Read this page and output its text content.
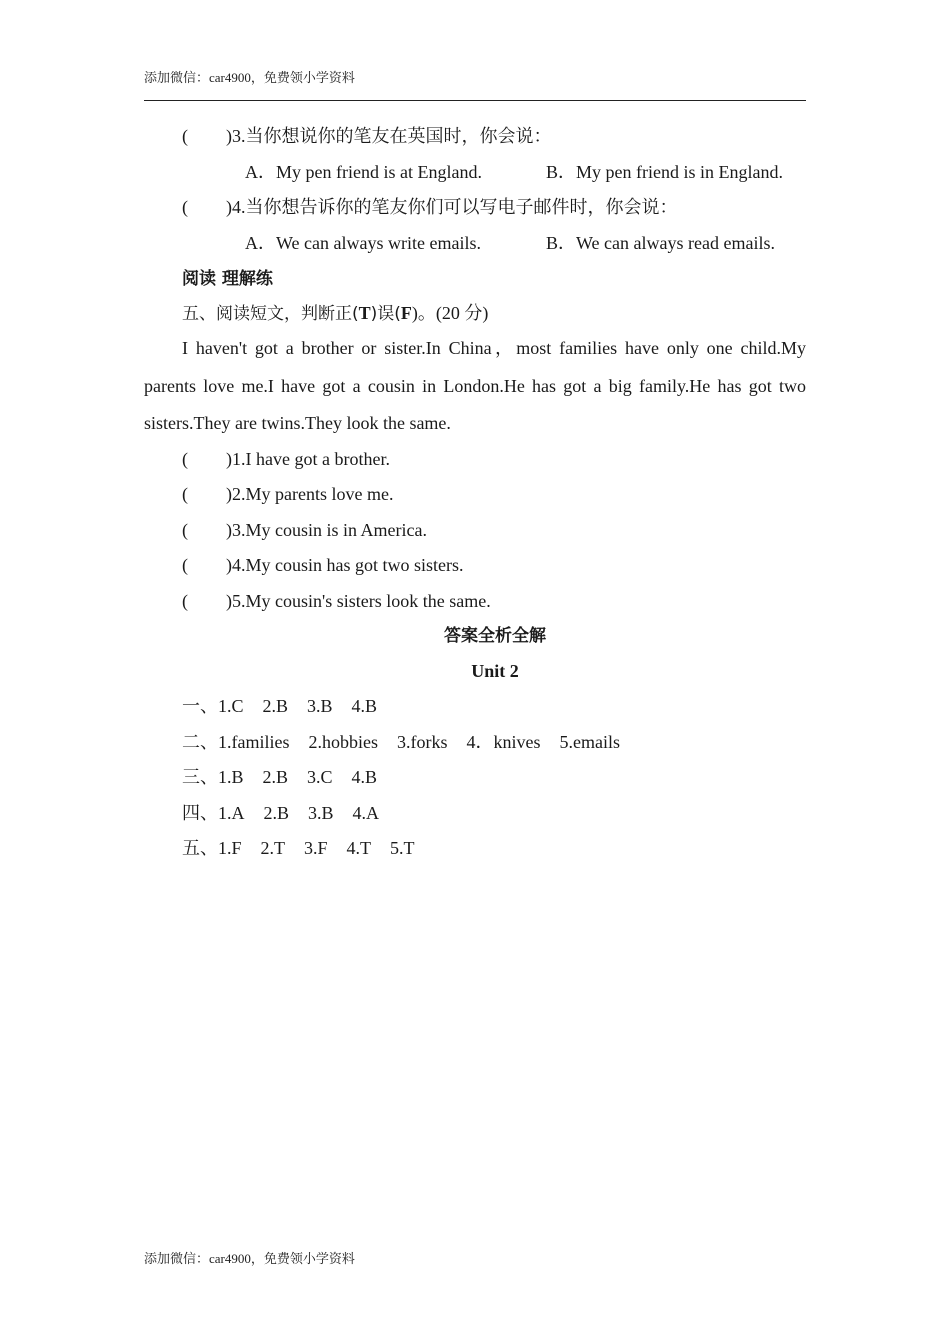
添加微信：car4900，免费领小学资料
( )3.当你想说你的笔友在英国时，你会说：
A．My pen friend is at England.	B．My pen friend is in England.
( )4.当你想告诉你的笔友你们可以写电子邮件时，你会说：
A．We can always write emails.	B．We can always read emails.
阅读 理解练
五、阅读短文，判断正(T)误(F)。(20 分)
I haven't got a brother or sister.In China，most families have only one child.My parents love me.I have got a cousin in London.He has got a big family.He has got two sisters.They are twins.They look the same.
( )1.I have got a brother.
( )2.My parents love me.
( )3.My cousin is in America.
( )4.My cousin has got two sisters.
( )5.My cousin's sisters look the same.
答案全析全解
Unit 2
一、1.C 2.B 3.B 4.B
二、1.families 2.hobbies 3.forks 4．knives 5.emails
三、1.B 2.B 3.C 4.B
四、1.A 2.B 3.B 4.A
五、1.F 2.T 3.F 4.T 5.T
添加微信：car4900，免费领小学资料
